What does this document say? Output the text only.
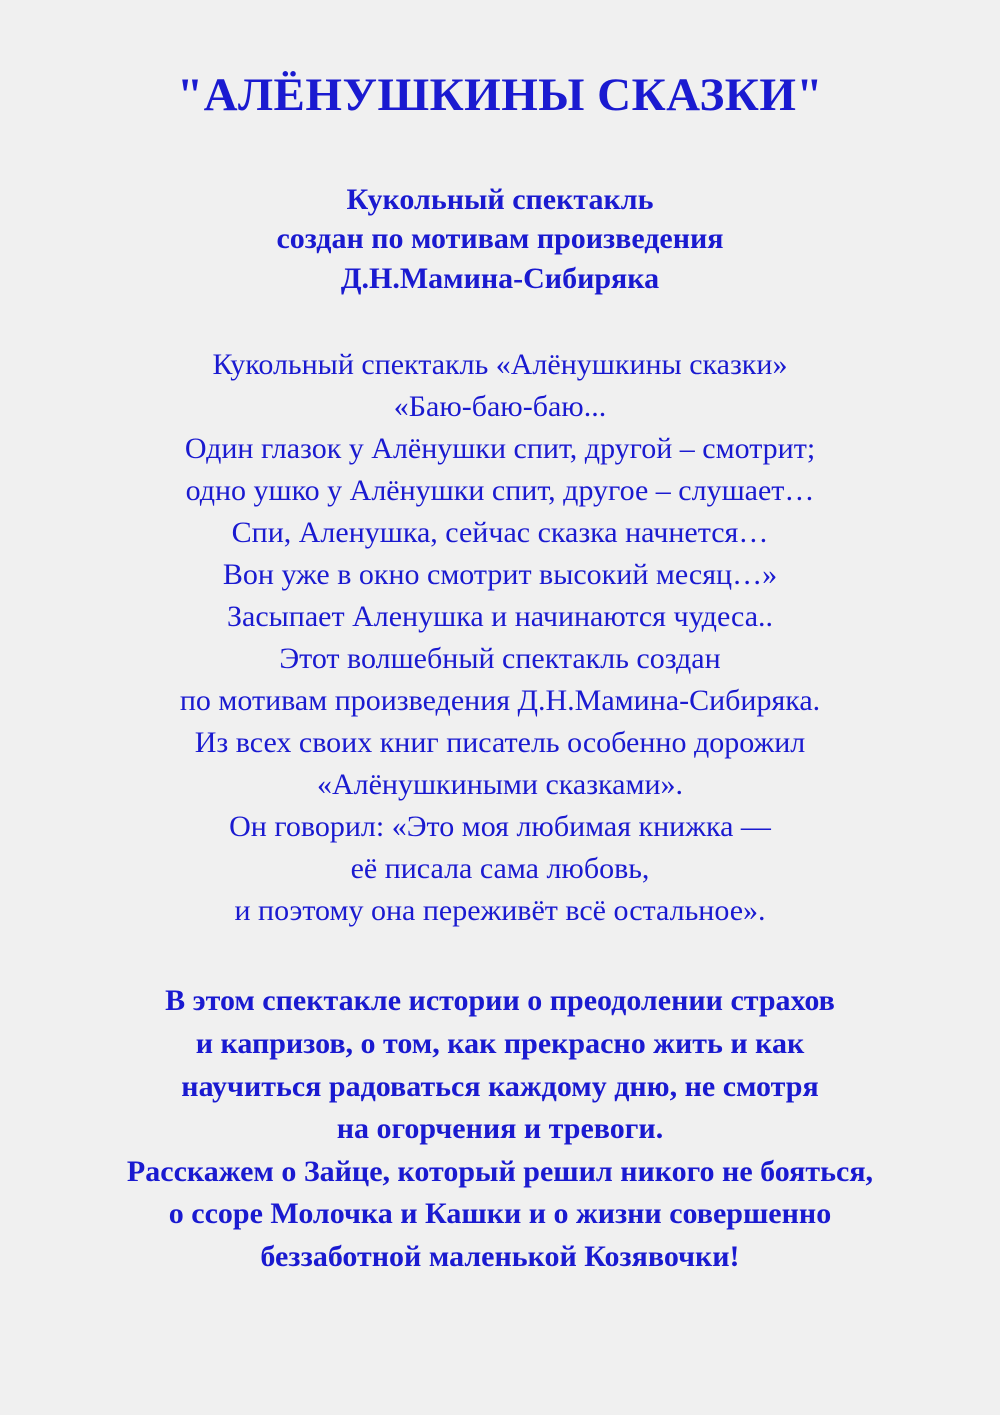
"АЛЁНУШКИНЫ СКАЗКИ"
Кукольный спектакль
создан по мотивам произведения
Д.Н.Мамина-Сибиряка
Кукольный спектакль «Алёнушкины сказки»
«Баю-баю-баю...
Один глазок у Алёнушки спит, другой – смотрит;
одно ушко у Алёнушки спит, другое – слушает…
Спи, Аленушка, сейчас сказка начнется…
Вон уже в окно смотрит высокий месяц…»
Засыпает Аленушка и начинаются чудеса..
Этот волшебный спектакль создан
по мотивам произведения Д.Н.Мамина-Сибиряка.
Из всех своих книг писатель особенно дорожил
«Алёнушкиными сказками».
Он говорил: «Это моя любимая книжка —
её писала сама любовь,
и поэтому она переживёт всё остальное».
В этом спектакле истории о преодолении страхов
и капризов, о том, как прекрасно жить и как
научиться радоваться каждому дню, не смотря
на огорчения и тревоги.
Расскажем о Зайце, который решил никого не бояться,
о ссоре Молочка и Кашки и о жизни совершенно
беззаботной маленькой Козявочки!
